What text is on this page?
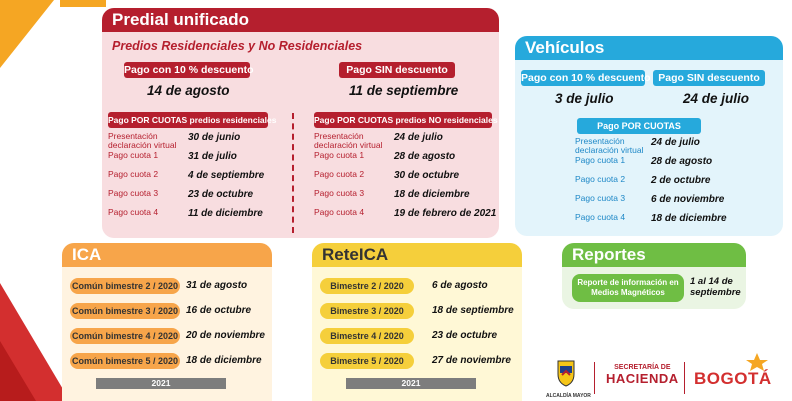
Predial unificado
Predios Residenciales y No Residenciales
Pago con 10 % descuento
14 de agosto
Pago SIN descuento
11 de septiembre
Pago POR CUOTAS predios residenciales	Pago POR CUOTAS predios NO residenciales
Presentación declaración virtual
30 de junio
Pago cuota 1	31 de julio
Pago cuota 2	4 de septiembre
Pago cuota 3	23 de octubre
Pago cuota 4	11 de diciembre
Presentación declaración virtual
24 de julio
Pago cuota 1	28 de agosto
Pago cuota 2	30 de octubre
Pago cuota 3	18 de diciembre
Pago cuota 4	19 de febrero de 2021
Vehículos
Pago con 10 % descuento
3 de julio
Pago SIN descuento
24 de julio
Pago POR CUOTAS
Presentación declaración virtual
24 de julio
Pago cuota 1	28 de agosto
Pago cuota 2	2 de octubre
Pago cuota 3	6 de noviembre
Pago cuota 4	18 de diciembre
ICA
Común bimestre 2 / 2020 31 de agosto
Común bimestre 3 / 2020 16 de octubre
Común bimestre 4 / 2020 20 de noviembre
Común bimestre 5 / 2020 18 de diciembre
2021
ReteICA
Bimestre 2 / 2020	6 de agosto
Bimestre 3 / 2020	18 de septiembre
Bimestre 4 / 2020	23 de octubre
Bimestre 5 / 2020	27 de noviembre
2021
Reportes
Reporte de información en Medios Magnéticos
1 al 14 de septiembre
ALCALDÍA MAYOR
SECRETARÍA DE
HACIENDA BOGOTÁ
